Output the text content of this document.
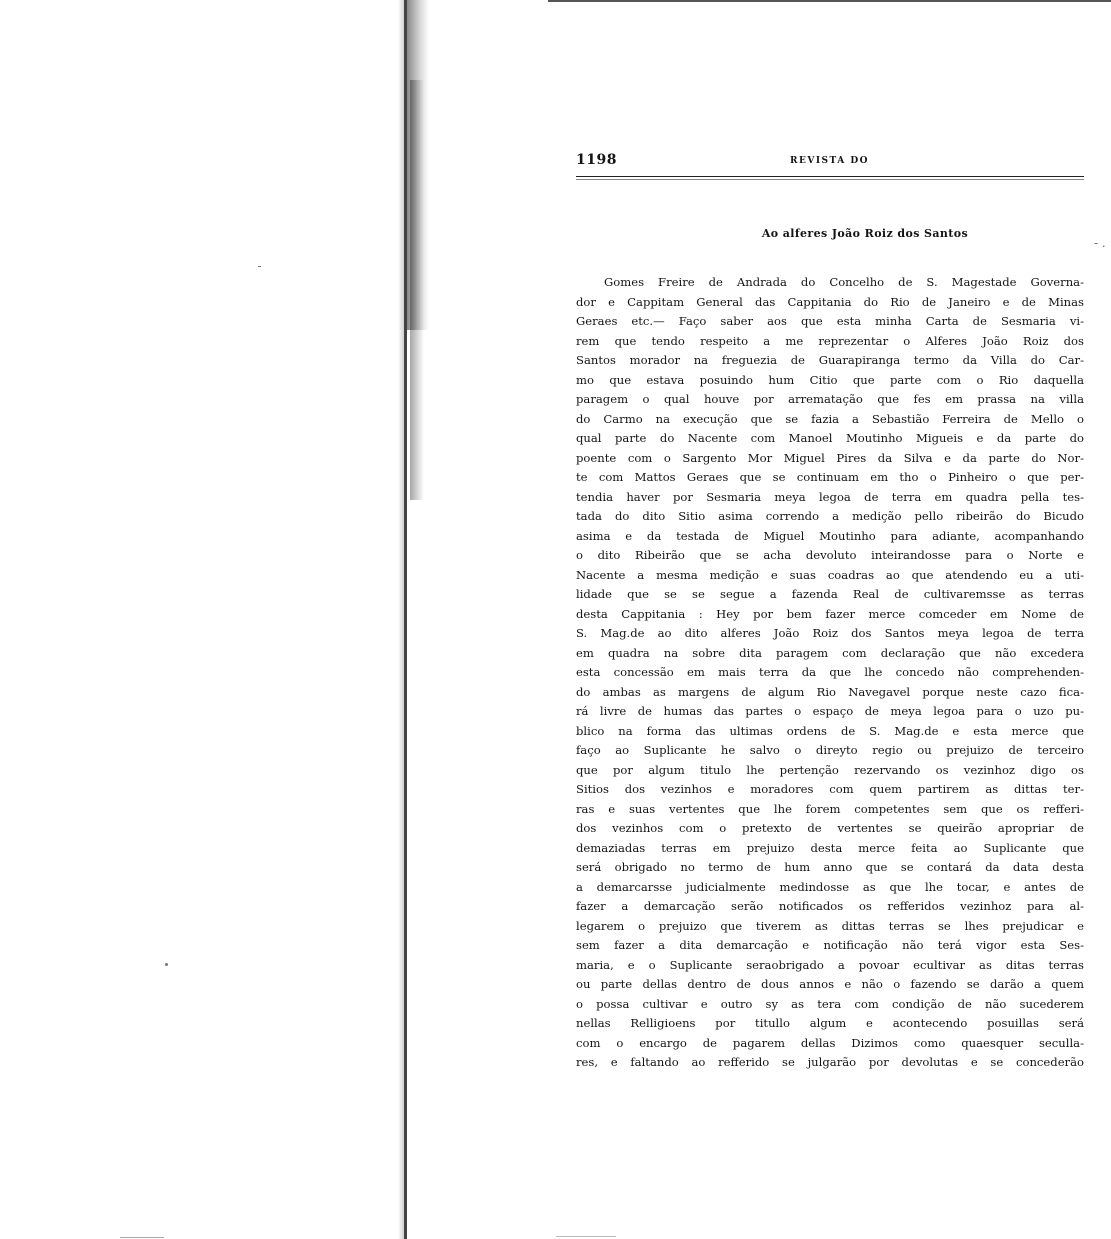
- .
1198	REVISTA DO
Ao alferes João Roiz dos Santos
Gomes Freire de Andrada do Concelho de S. Magestade Governa-
dor e Cappitam General das Cappitania do Rio de Janeiro e de Minas
Geraes etc.— Faço saber aos que esta minha Carta de Sesmaria vi-
rem que tendo respeito a me reprezentar o Alferes João Roiz dos
Santos morador na freguezia de Guarapiranga termo da Villa do Car-
mo que estava posuindo hum Citio que parte com o Rio daquella
paragem o qual houve por arrematação que fes em prassa na villa
do Carmo na execução que se fazia a Sebastião Ferreira de Mello o
qual parte do Nacente com Manoel Moutinho Migueis e da parte do
poente com o Sargento Mor Miguel Pires da Silva e da parte do Nor-
te com Mattos Geraes que se continuam em tho o Pinheiro o que per-
tendia haver por Sesmaria meya legoa de terra em quadra pella tes-
tada do dito Sitio asima correndo a medição pello ribeirão do Bicudo
asima e da testada de Miguel Moutinho para adiante, acompanhando
o dito Ribeirão que se acha devoluto inteirandosse para o Norte e
Nacente a mesma medição e suas coadras ao que atendendo eu a uti-
lidade que se se segue a fazenda Real de cultivaremsse as terras
desta Cappitania : Hey por bem fazer merce comceder em Nome de
S. Mag.de ao dito alferes João Roiz dos Santos meya legoa de terra
em quadra na sobre dita paragem com declaração que não excedera
esta concessão em mais terra da que lhe concedo não comprehenden-
do ambas as margens de algum Rio Navegavel porque neste cazo fica-
rá livre de humas das partes o espaço de meya legoa para o uzo pu-
blico na forma das ultimas ordens de S. Mag.de e esta merce que
faço ao Suplicante he salvo o direyto regio ou prejuizo de terceiro
que por algum titulo lhe pertenção rezervando os vezinhoz digo os
Sitios dos vezinhos e moradores com quem partirem as dittas ter-
ras e suas vertentes que lhe forem competentes sem que os refferi-
dos vezinhos com o pretexto de vertentes se queirão apropriar de
demaziadas terras em prejuizo desta merce feita ao Suplicante que
será obrigado no termo de hum anno que se contará da data desta
a demarcarsse judicialmente medindosse as que lhe tocar, e antes de
fazer a demarcação serão notificados os refferidos vezinhoz para al-
legarem o prejuizo que tiverem as dittas terras se lhes prejudicar e
sem fazer a dita demarcação e notificação não terá vigor esta Ses-
maria, e o Suplicante seraobrigado a povoar ecultivar as ditas terras
ou parte dellas dentro de dous annos e não o fazendo se darão a quem
o possa cultivar e outro sy as tera com condição de não sucederem
nellas Relligioens por titullo algum e acontecendo posuillas será
com o encargo de pagarem dellas Dizimos como quaesquer seculla-
res, e faltando ao refferido se julgarão por devolutas e se concederão
